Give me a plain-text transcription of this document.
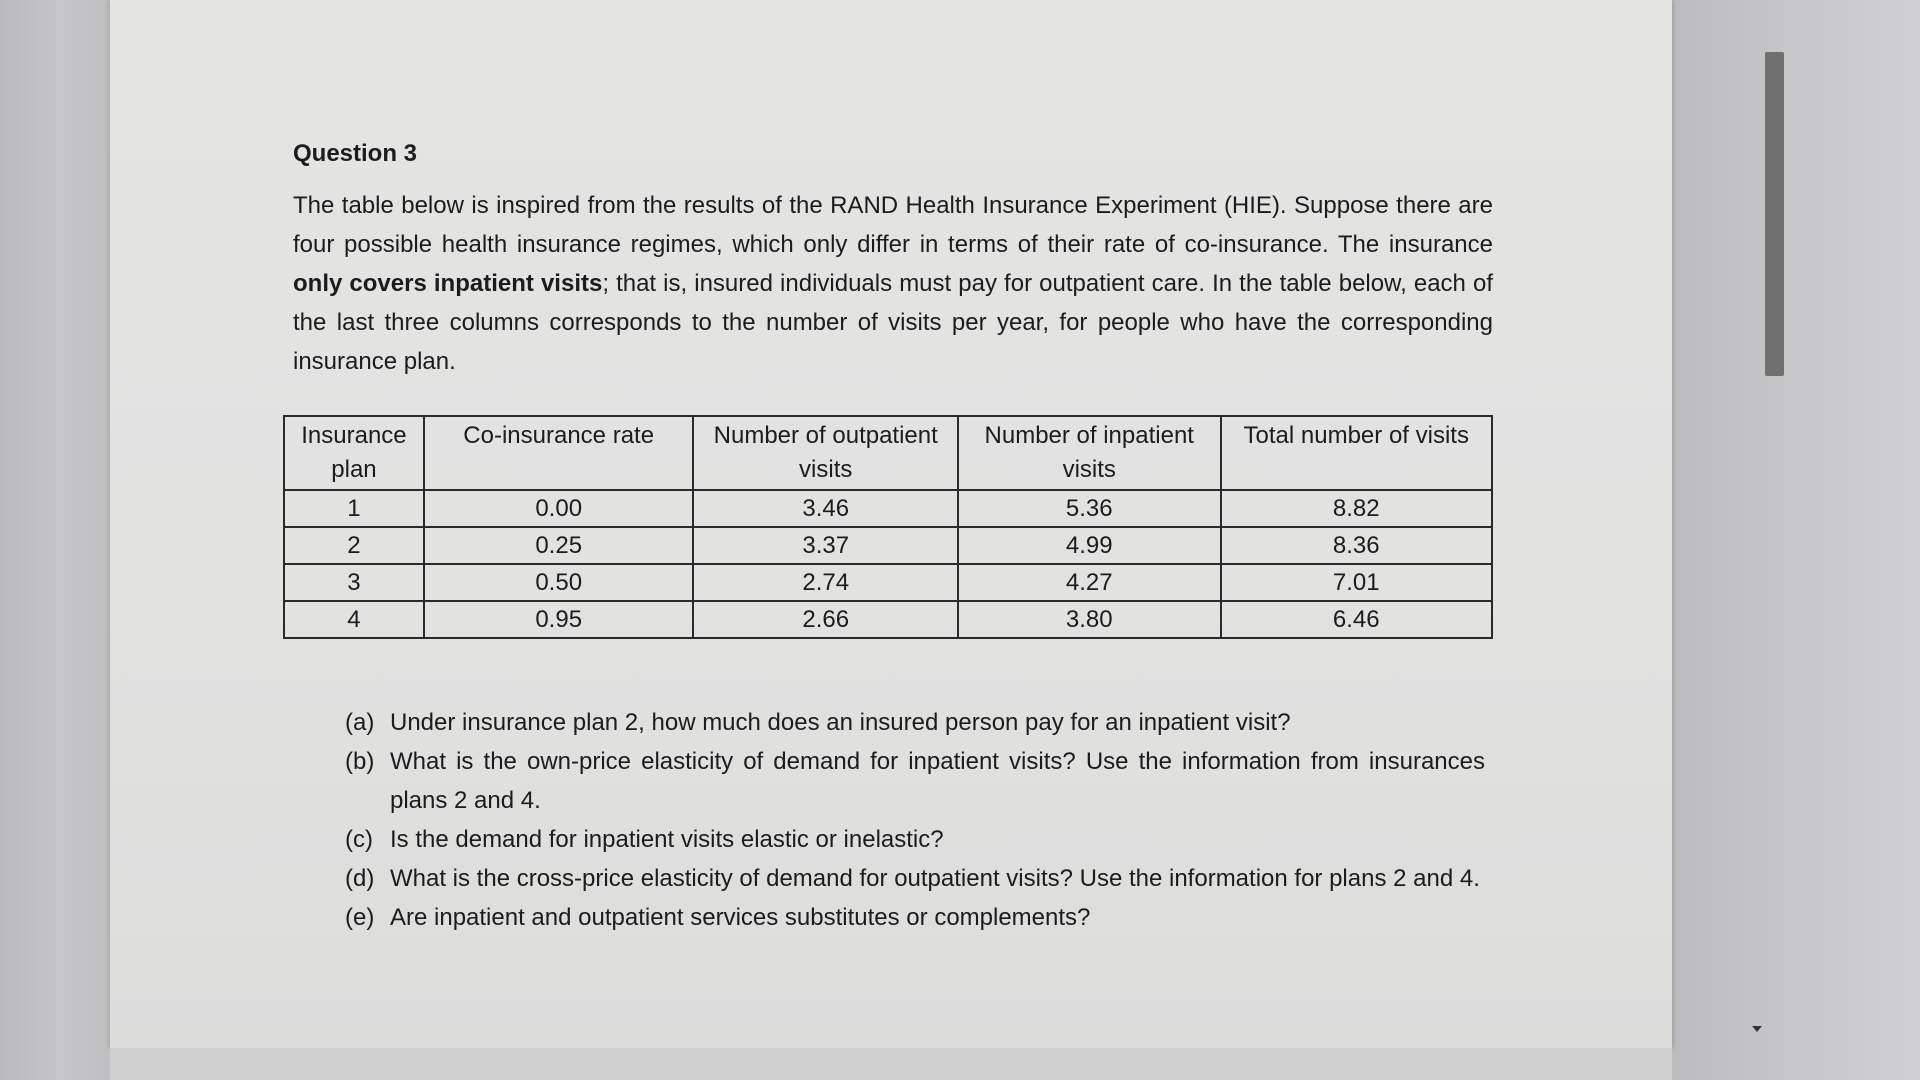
Question 3

The table below is inspired from the results of the RAND Health Insurance Experiment (HIE). Suppose there are four possible health insurance regimes, which only differ in terms of their rate of co-insurance. The insurance only covers inpatient visits; that is, insured individuals must pay for outpatient care. In the table below, each of the last three columns corresponds to the number of visits per year, for people who have the corresponding insurance plan.

Insurance plan	Co-insurance rate	Number of outpatient visits	Number of inpatient visits	Total number of visits
1	0.00	3.46	5.36	8.82
2	0.25	3.37	4.99	8.36
3	0.50	2.74	4.27	7.01
4	0.95	2.66	3.80	6.46
(a) Under insurance plan 2, how much does an insured person pay for an inpatient visit?
(b) What is the own-price elasticity of demand for inpatient visits? Use the information from insurances plans 2 and 4.
(c) Is the demand for inpatient visits elastic or inelastic?
(d) What is the cross-price elasticity of demand for outpatient visits? Use the information for plans 2 and 4.
(e) Are inpatient and outpatient services substitutes or complements?
